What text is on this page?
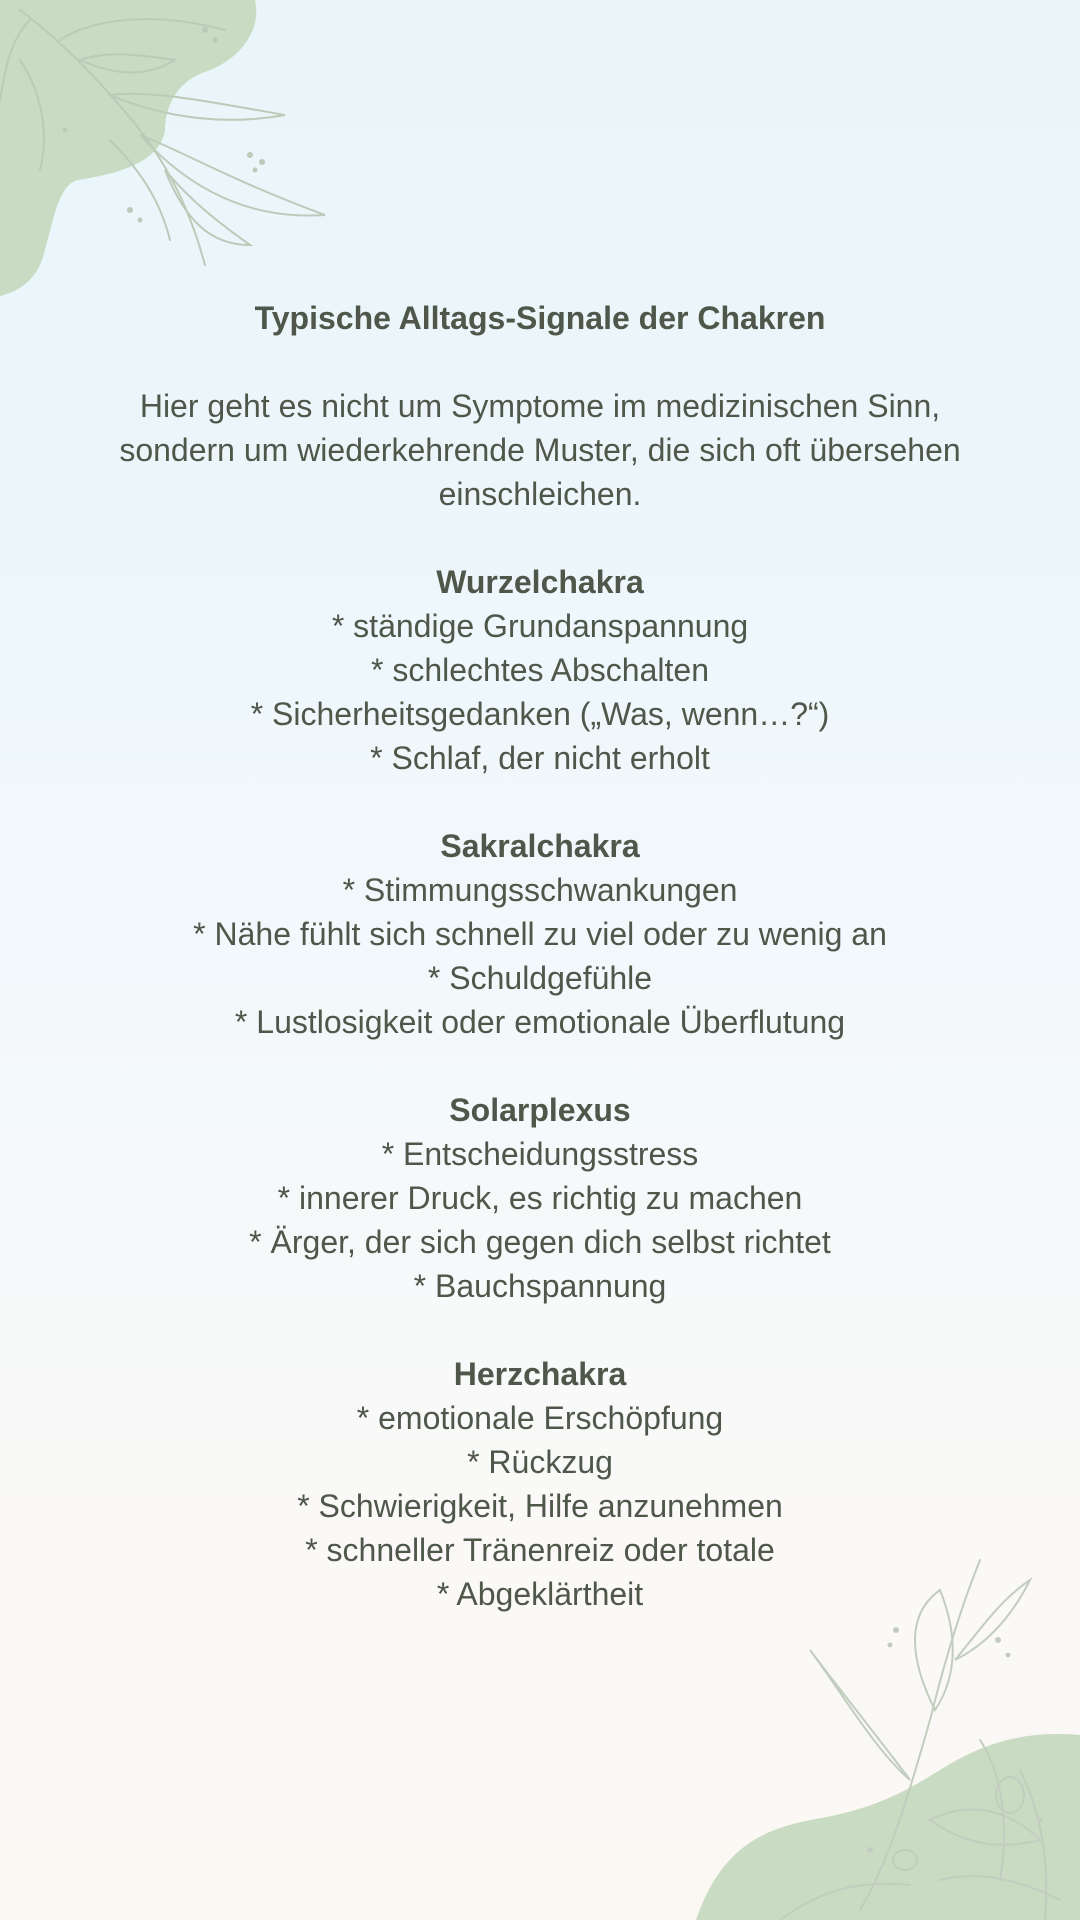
Typische Alltags-Signale der Chakren

Hier geht es nicht um Symptome im medizinischen Sinn, sondern um wiederkehrende Muster, die sich oft übersehen einschleichen.

Wurzelchakra
* ständige Grundanspannung
* schlechtes Abschalten
* Sicherheitsgedanken („Was, wenn…?“)
* Schlaf, der nicht erholt
Sakralchakra
* Stimmungsschwankungen
* Nähe fühlt sich schnell zu viel oder zu wenig an
* Schuldgefühle
* Lustlosigkeit oder emotionale Überflutung
Solarplexus
* Entscheidungsstress
* innerer Druck, es richtig zu machen
* Ärger, der sich gegen dich selbst richtet
* Bauchspannung
Herzchakra
* emotionale Erschöpfung
* Rückzug
* Schwierigkeit, Hilfe anzunehmen
* schneller Tränenreiz oder totale
* Abgeklärtheit
